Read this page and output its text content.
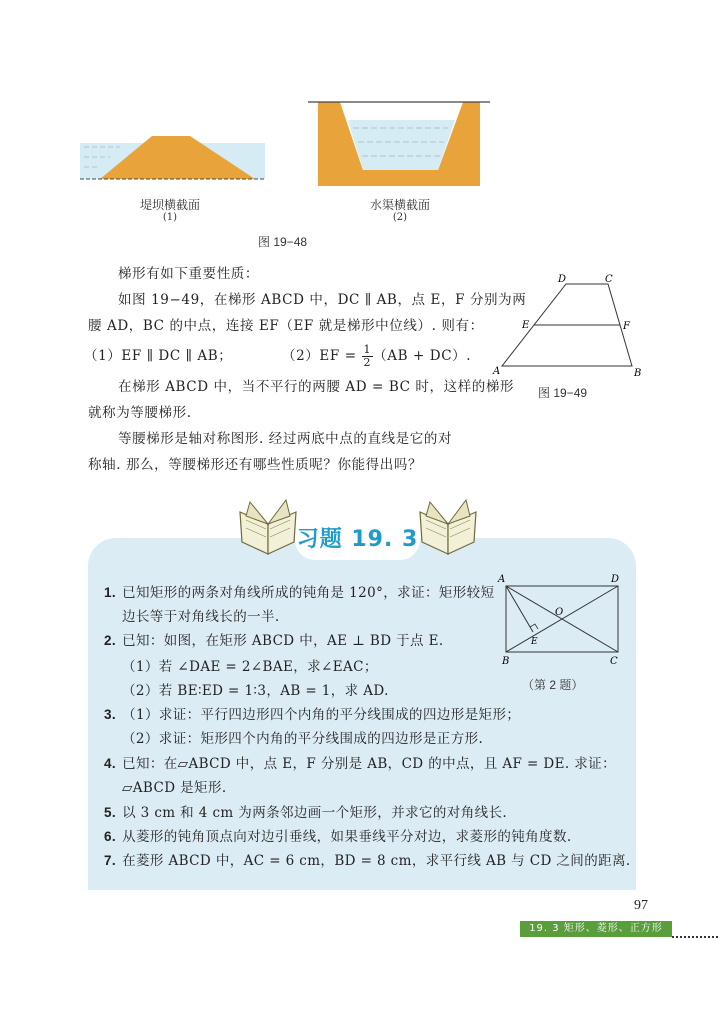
堤坝横截面
(1)
水渠横截面
(2)
图 19−48
梯形有如下重要性质：
如图 19−49，在梯形 ABCD 中，DC ∥ AB，点 E，F 分别为两
腰 AD，BC 的中点，连接 EF（EF 就是梯形中位线）. 则有：
（1）EF ∥ DC ∥ AB；	$(2)EF = \frac{1}{2} (AB + DC)$.
在梯形 ABCD 中，当不平行的两腰 AD = BC 时，这样的梯形
就称为等腰梯形.
等腰梯形是轴对称图形. 经过两底中点的直线是它的对
称轴. 那么，等腰梯形还有哪些性质呢？你能得出吗？
D	C
E	F
A	B
图 19−49
习题 19. 3
1. 已知矩形的两条对角线所成的钝角是 120°，求证：矩形较短
边长等于对角线长的一半.
2. 已知：如图，在矩形 ABCD 中，AE ⊥ BD 于点 E.
（1）若 ∠DAE = 2∠BAE，求∠EAC；
（2）若 BE∶ED = 1∶3，AB = 1，求 AD.
3. （1）求证：平行四边形四个内角的平分线围成的四边形是矩形；
（2）求证：矩形四个内角的平分线围成的四边形是正方形.
4. 已知：在▱ABCD 中，点 E，F 分别是 AB，CD 的中点，且 AF = DE. 求证：
▱ABCD 是矩形.
5. 以 3 cm 和 4 cm 为两条邻边画一个矩形，并求它的对角线长.
6. 从菱形的钝角顶点向对边引垂线，如果垂线平分对边，求菱形的钝角度数.
7. 在菱形 ABCD 中，AC = 6 cm，BD = 8 cm，求平行线 AB 与 CD 之间的距离.
A	D
B	C
O
E
（第 2 题）
97
19. 3 矩形、菱形、正方形
